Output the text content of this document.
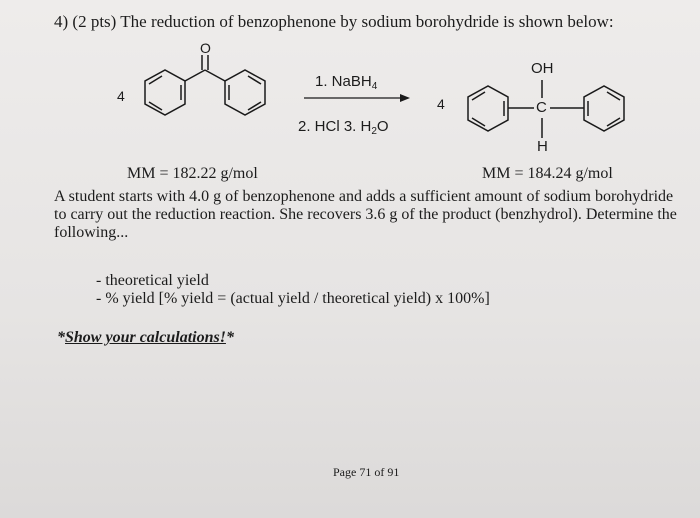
4) (2 pts) The reduction of benzophenone by sodium borohydride is shown below:
4
O
1. NaBH$_4$
2. HCl 3. $H_2O$
4
OH
C
H
MM = 182.22 g/mol	MM = 184.24 g/mol
A student starts with 4.0 g of benzophenone and adds a sufficient amount of sodium borohydride
to carry out the reduction reaction. She recovers 3.6 g of the product (benzhydrol). Determine the
following...
- theoretical yield
- % yield [% yield = (actual yield / theoretical yield) x 100%]
*Show your calculations!*
Page 71 of 91
